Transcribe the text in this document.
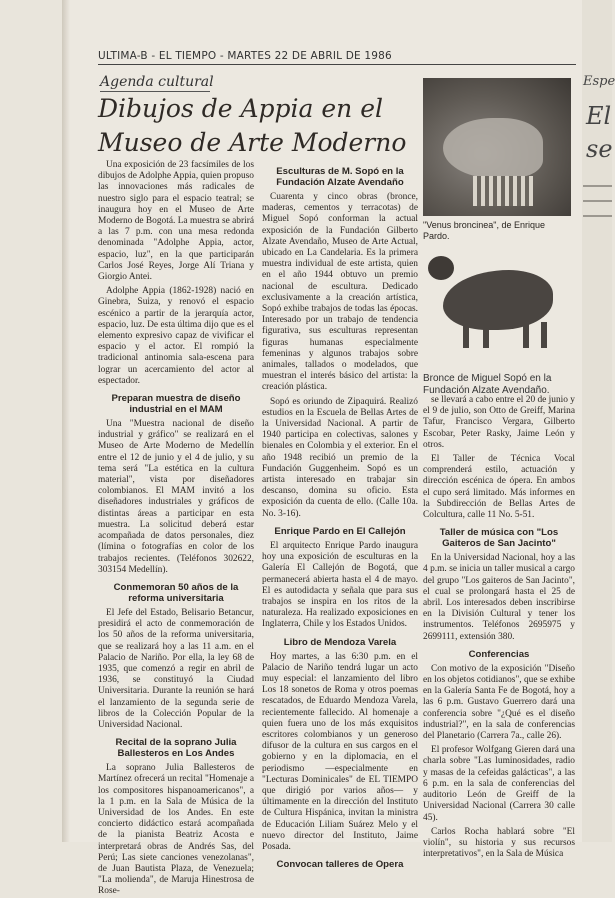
ULTIMA-B - EL TIEMPO - MARTES 22 DE ABRIL DE 1986
Agenda cultural
Dibujos de Appia en el Museo de Arte Moderno

Una exposición de 23 facsímiles de los dibujos de Adolphe Appia, quien propuso las innovaciones más radicales de nuestro siglo para el espacio teatral; se inaugura hoy en el Museo de Arte Moderno de Bogotá. La muestra se abrirá a las 7 p.m. con una mesa redonda denominada "Adolphe Appia, actor, espacio, luz", en la que participarán Carlos José Reyes, Jorge Alí Triana y Giorgio Antei.

Adolphe Appia (1862-1928) nació en Ginebra, Suiza, y renovó el espacio escénico a partir de la jerarquía actor, espacio, luz. De esta última dijo que es el elemento expresivo capaz de vivificar el espacio y el actor. El rompió la tradicional antinomia sala-escena para lograr un acercamiento del actor al espectador.

Preparan muestra de diseño industrial en el MAM

Una "Muestra nacional de diseño industrial y gráfico" se realizará en el Museo de Arte Moderno de Medellín entre el 12 de junio y el 4 de julio, y su tema será "La estética en la cultura material", vista por diseñadores colombianos. El MAM invitó a los diseñadores industriales y gráficos de distintas áreas a participar en esta muestra. La solicitud deberá estar acompañada de datos personales, diez (límina o fotografías en color de los trabajos recientes. (Teléfonos 302622, 303154 Medellín).

Conmemoran 50 años de la reforma universitaria

El Jefe del Estado, Belisario Betancur, presidirá el acto de conmemoración de los 50 años de la reforma universitaria, que se realizará hoy a las 11 a.m. en el Palacio de Nariño. Por ella, la ley 68 de 1935, que comenzó a regir en abril de 1936, se constituyó la Ciudad Universitaria. Durante la reunión se hará el lanzamiento de la segunda serie de libros de la Colección Popular de la Universidad Nacional.

Recital de la soprano Julia Ballesteros en Los Andes

La soprano Julia Ballesteros de Martínez ofrecerá un recital "Homenaje a los compositores hispanoamericanos", a la 1 p.m. en la Sala de Música de la Universidad de los Andes. En este concierto didáctico estará acompañada de la pianista Beatriz Acosta e interpretará obras de Andrés Sas, del Perú; Las siete canciones venezolanas", de Juan Bautista Plaza, de Venezuela; "La molienda", de Maruja Hinestrosa de Rose-

Esculturas de M. Sopó en la Fundación Alzate Avendaño

Cuarenta y cinco obras (bronce, maderas, cementos y terracotas) de Miguel Sopó conforman la actual exposición de la Fundación Gilberto Alzate Avendaño, Museo de Arte Actual, ubicado en La Candelaria. Es la primera muestra individual de este artista, quien en el año 1944 obtuvo un premio nacional de escultura. Dedicado exclusivamente a la creación artística, Sopó exhibe trabajos de todas las épocas. Interesado por un trabajo de tendencia figurativa, sus esculturas representan figuras humanas especialmente femeninas y algunos trabajos sobre animales, tallados o modelados, que muestran el interés básico del artista: la creación plástica.

Sopó es oriundo de Zipaquirá. Realizó estudios en la Escuela de Bellas Artes de la Universidad Nacional. A partir de 1940 participa en colectivas, salones y bienales en Colombia y el exterior. En el año 1948 recibió un premio de la Fundación Guggenheim. Sopó es un artista interesado en trabajar sin descanso, domina su oficio. Esta exposición da cuenta de ello. (Calle 10a. No. 3-16).

Enrique Pardo en El Callejón

El arquitecto Enrique Pardo inaugura hoy una exposición de esculturas en la Galería El Callejón de Bogotá, que permanecerá abierta hasta el 4 de mayo. El es autodidacta y señala que para sus trabajos se inspira en los ritos de la naturaleza. Ha realizado exposiciones en Inglaterra, Chile y los Estados Unidos.

Libro de Mendoza Varela

Hoy martes, a las 6:30 p.m. en el Palacio de Nariño tendrá lugar un acto muy especial: el lanzamiento del libro Los 18 sonetos de Roma y otros poemas rescatados, de Eduardo Mendoza Varela, recientemente fallecido. Al homenaje a quien fuera uno de los más exquisitos escritores colombianos y un generoso difusor de la cultura en sus cargos en el gobierno y en la diplomacia, en el periodismo —especialmente en "Lecturas Dominicales" de EL TIEMPO que dirigió por varios años— y últimamente en la dirección del Instituto de Cultura Hispánica, invitan la ministra de Educación Liliam Suárez Melo y el nuevo director del Instituto, Jaime Posada.

Convocan talleres de Opera
"Venus broncinea", de Enrique Pardo.
Bronce de Miguel Sopó en la Fundación Alzate Avendaño.

se llevará a cabo entre el 20 de junio y el 9 de julio, son Otto de Greiff, Marina Tafur, Francisco Vergara, Gilberto Escobar, Peter Rasky, Jaime León y otros.

El Taller de Técnica Vocal comprenderá estilo, actuación y dirección escénica de ópera. En ambos el cupo será limitado. Más informes en la Subdirección de Bellas Artes de Colcultura, calle 11 No. 5-51.

Taller de música con "Los Gaiteros de San Jacinto"

En la Universidad Nacional, hoy a las 4 p.m. se inicia un taller musical a cargo del grupo "Los gaiteros de San Jacinto", el cual se prolongará hasta el 25 de abril. Los interesados deben inscribirse en la División Cultural y tener los instrumentos. Teléfonos 2695975 y 2699111, extensión 380.

Conferencias

Con motivo de la exposición "Diseño en los objetos cotidianos", que se exhibe en la Galería Santa Fe de Bogotá, hoy a las 6 p.m. Gustavo Guerrero dará una conferencia sobre "¿Qué es el diseño industrial?", en la sala de conferencias del Planetario (Carrera 7a., calle 26).

El profesor Wolfgang Gieren dará una charla sobre "Las luminosidades, radio y masas de la cefeidas galácticas", a las 6 p.m. en la sala de conferencias del auditorio León de Greiff de la Universidad Nacional (Carrera 30 calle 45).

Carlos Rocha hablará sobre "El violín", su historia y sus recursos interpretativos", en la Sala de Música

Espe
El
se
